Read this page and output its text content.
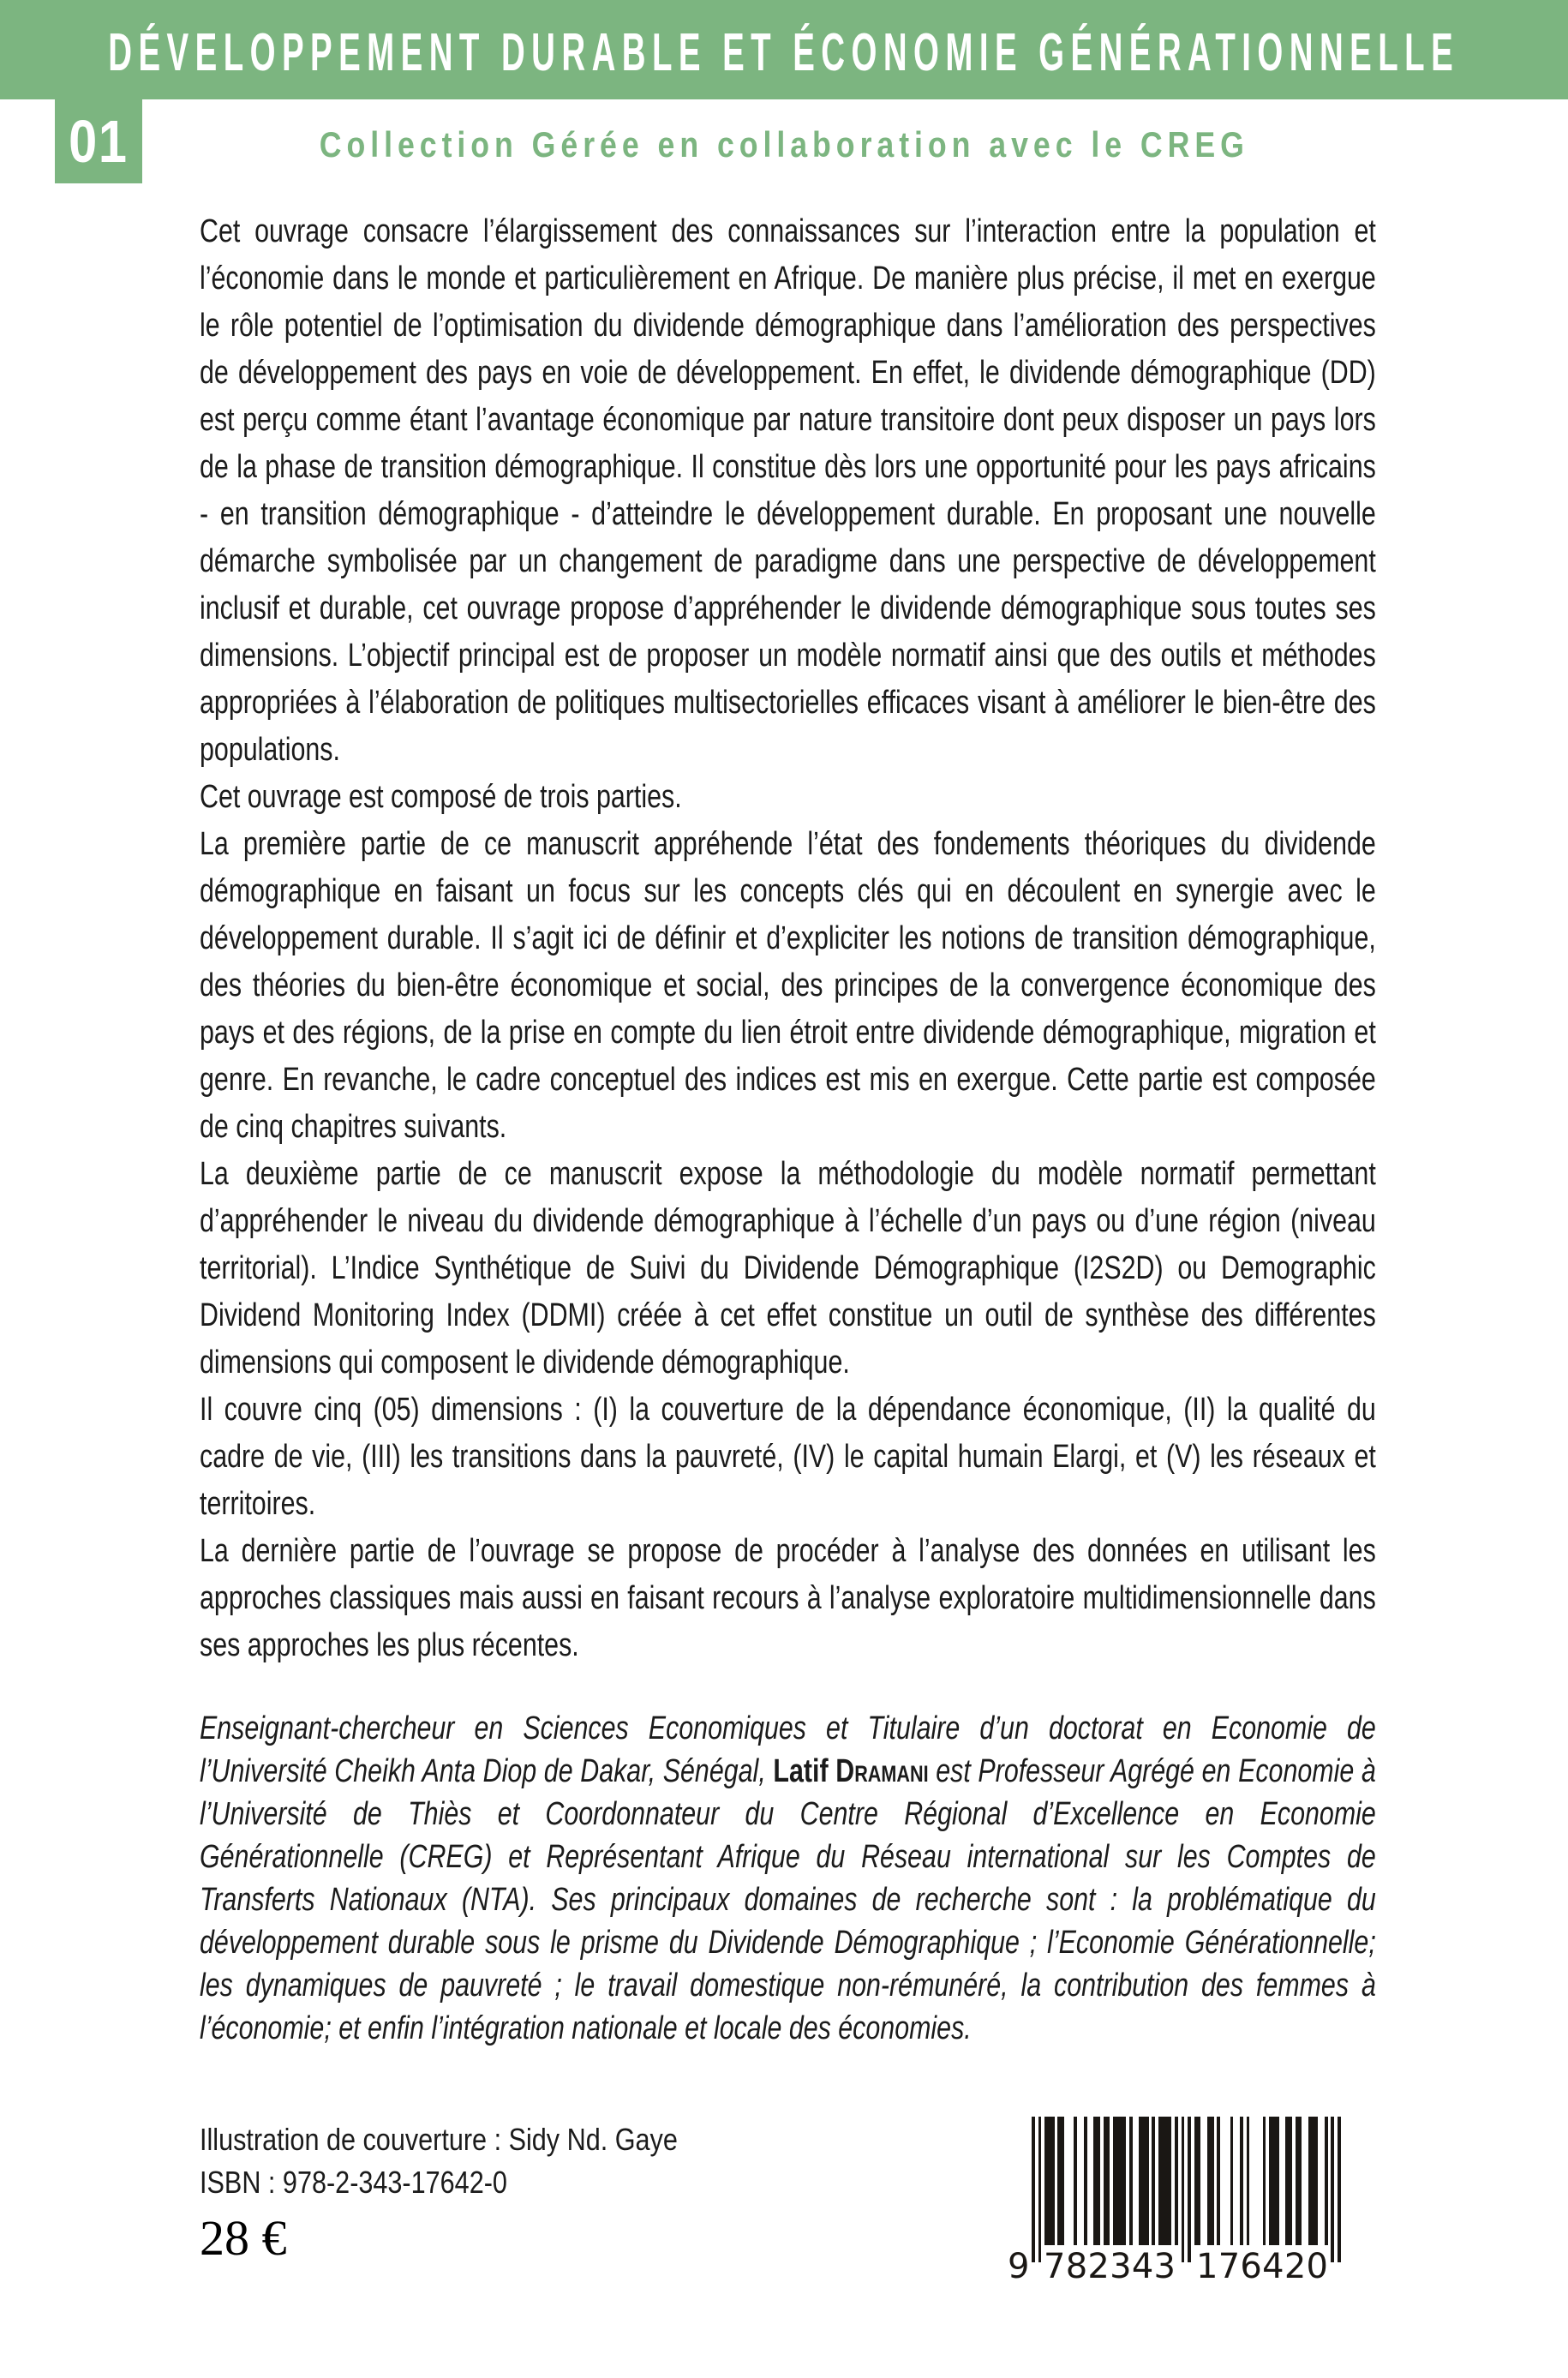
DÉVELOPPEMENT DURABLE ET ÉCONOMIE GÉNÉRATIONNELLE
01	Collection Gérée en collaboration avec le CREG

Cet ouvrage consacre l’élargissement des connaissances sur l’interaction entre la population et l’économie dans le monde et particulièrement en Afrique. De manière plus précise, il met en exergue le rôle potentiel de l’optimisation du dividende démographique dans l’amélioration des perspectives de développement des pays en voie de développement. En effet, le dividende démographique (DD) est perçu comme étant l’avantage économique par nature transitoire dont peux disposer un pays lors de la phase de transition démographique. Il constitue dès lors une opportunité pour les pays africains - en transition démographique - d’atteindre le développement durable. En proposant une nouvelle démarche symbolisée par un changement de paradigme dans une perspective de développement inclusif et durable, cet ouvrage propose d’appréhender le dividende démographique sous toutes ses dimensions. L’objectif principal est de proposer un modèle normatif ainsi que des outils et méthodes appropriées à l’élaboration de politiques multisectorielles efficaces visant à améliorer le bien-être des populations.

Cet ouvrage est composé de trois parties.

La première partie de ce manuscrit appréhende l’état des fondements théoriques du dividende démographique en faisant un focus sur les concepts clés qui en découlent en synergie avec le développement durable. Il s’agit ici de définir et d’expliciter les notions de transition démographique, des théories du bien-être économique et social, des principes de la convergence économique des pays et des régions, de la prise en compte du lien étroit entre dividende démographique, migration et genre. En revanche, le cadre conceptuel des indices est mis en exergue. Cette partie est composée de cinq chapitres suivants.

La deuxième partie de ce manuscrit expose la méthodologie du modèle normatif permettant d’appréhender le niveau du dividende démographique à l’échelle d’un pays ou d’une région (niveau territorial). L’Indice Synthétique de Suivi du Dividende Démographique (I2S2D) ou Demographic Dividend Monitoring Index (DDMI) créée à cet effet constitue un outil de synthèse des différentes dimensions qui composent le dividende démographique.

Il couvre cinq (05) dimensions : (I) la couverture de la dépendance économique, (II) la qualité du cadre de vie, (III) les transitions dans la pauvreté, (IV) le capital humain Elargi, et (V) les réseaux et territoires.

La dernière partie de l’ouvrage se propose de procéder à l’analyse des données en utilisant les approches classiques mais aussi en faisant recours à l’analyse exploratoire multidimensionnelle dans ses approches les plus récentes.

Enseignant-chercheur en Sciences Economiques et Titulaire d’un doctorat en Economie de l’Université Cheikh Anta Diop de Dakar, Sénégal, Latif Dramani est Professeur Agrégé en Economie à l’Université de Thiès et Coordonnateur du Centre Régional d’Excellence en Economie Générationnelle (CREG) et Représentant Afrique du Réseau international sur les Comptes de Transferts Nationaux (NTA). Ses principaux domaines de recherche sont : la problématique du développement durable sous le prisme du Dividende Démographique ; l’Economie Générationnelle; les dynamiques de pauvreté ; le travail domestique non-rémunéré, la contribution des femmes à l’économie; et enfin l’intégration nationale et locale des économies.
Illustration de couverture : Sidy Nd. Gaye
ISBN : 978-2-343-17642-0
28 €
9 7 8 2 3 4 3 1 7 6 4 2 0
